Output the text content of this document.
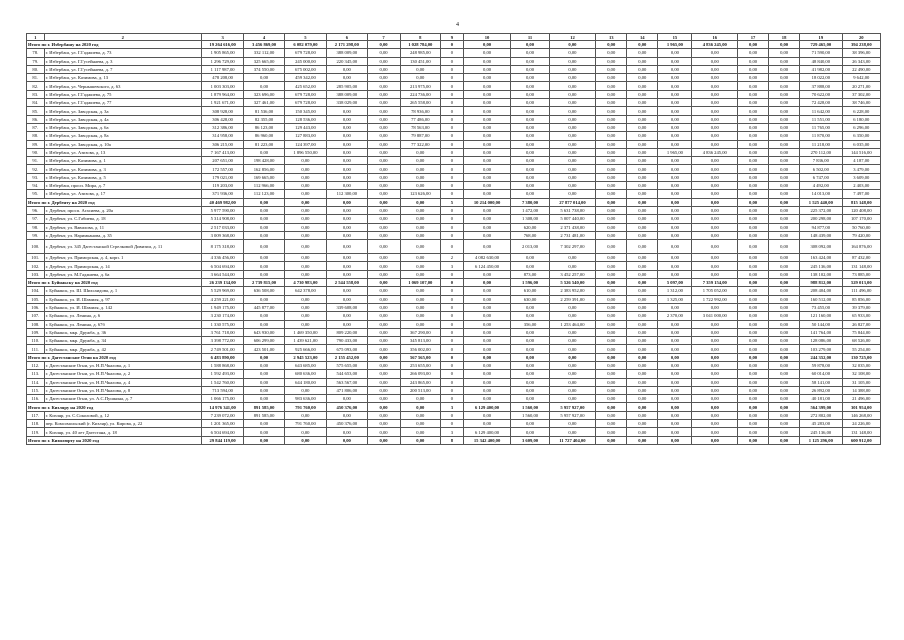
4
1	2	3	4	5	6	7	8	9	10	11	12	13	14	15	16	17	18	19	20
Итого по г. Избербашу на 2020 год		19 264 616,00	3 456 869,00	6 082 079,00	2 171 298,00	0,00	1 028 784,00	0	0,00	0,00	0,00	0,00	0,00	1 965,00	4 836 245,00	0,00	0,00	729 465,00	394 238,00
78.	г. Избербаш, ул. Г.Гаджиева, д. 73	1 905 865,00	332 112,00	679 728,00	388 009,00	0,00	248 985,00	0	0,00	0,00	0,00	0,00	0,00	0,00	0,00	0,00	0,00	71 590,00	38 396,00
79.	г. Избербаш, ул. Г.Гусейнаева, д. 3	1 296 729,00	325 665,00	245 000,00	220 345,00	0,00	130 451,00	0	0,00	0,00	0,00	0,00	0,00	0,00	0,00	0,00	0,00	48 840,00	26 343,00
80.	г. Избербаш, ул. Г.Гусейнаева, д. 7	1 117 987,00	374 550,00	675 002,00	0,00	0,00	0,00	0	0,00	0,00	0,00	0,00	0,00	0,00	0,00	0,00	0,00	41 982,00	22 490,00
81.	г. Избербаш, ул. Казимова, д. 13	478 208,00	0,00	459 342,00	0,00	0,00	0,00	0	0,00	0,00	0,00	0,00	0,00	0,00	0,00	0,00	0,00	18 022,00	9 642,00
82.	г. Избербаш, ул. Чернышевского, д. 63	1 003 303,00	0,00	425 652,00	285 905,00	0,00	213 975,00	0	0,00	0,00	0,00	0,00	0,00	0,00	0,00	0,00	0,00	37 888,00	20 271,00
83.	г. Избербаш, ул. Г.Гаджиева, д. 75	1 879 964,00	323 696,00	679 728,00	388 009,00	0,00	224 736,00	0	0,00	0,00	0,00	0,00	0,00	0,00	0,00	0,00	0,00	70 622,00	37 302,00
84.	г. Избербаш, ул. Г.Гаджиева, д. 77	1 921 671,00	327 461,00	679 728,00	338 029,00	0,00	265 558,00	0	0,00	0,00	0,00	0,00	0,00	0,00	0,00	0,00	0,00	72 428,00	38 746,00
85.	г. Избербаш, ул. Заводская, д. 3а	308 928,00	81 536,00	150 345,00	0,00	0,00	78 936,00	0	0,00	0,00	0,00	0,00	0,00	0,00	0,00	0,00	0,00	11 642,00	6 228,00
86.	г. Избербаш, ул. Заводская, д. 4а	306 428,00	82 355,00	128 536,00	0,00	0,00	77 486,00	0	0,00	0,00	0,00	0,00	0,00	0,00	0,00	0,00	0,00	11 551,00	6 180,00
87.	г. Избербаш, ул. Заводская, д. 6а	312 386,00	86 123,00	129 443,00	0,00	0,00	78 563,00	0	0,00	0,00	0,00	0,00	0,00	0,00	0,00	0,00	0,00	11 765,00	6 296,00
88.	г. Избербаш, ул. Заводская, д. 8а	314 958,00	86 960,00	127 883,00	0,00	0,00	79 887,00	0	0,00	0,00	0,00	0,00	0,00	0,00	0,00	0,00	0,00	11 870,00	6 350,00
89.	г. Избербаш, ул. Заводская, д. 10а	306 215,00	81 223,00	124 397,00	0,00	0,00	77 322,00	0	0,00	0,00	0,00	0,00	0,00	0,00	0,00	0,00	0,00	11 218,00	6 035,00
90.	г. Избербаш, ул. Азизова, д. 13	7 167 413,00	0,00	1 896 550,00	0,00	0,00	0,00	0	0,00	0,00	0,00	0,00	0,00	1 965,00	4 836 245,00	0,00	0,00	270 112,00	144 516,00
91.	г. Избербаш, ул. Казимова, д. 1	207 651,00	198 428,00	0,00	0,00	0,00	0,00	0	0,00	0,00	0,00	0,00	0,00	0,00	0,00	0,00	0,00	7 836,00	4 187,00
92.	г. Избербаш, ул. Казимова, д. 3	172 557,00	162 856,00	0,00	0,00	0,00	0,00	0	0,00	0,00	0,00	0,00	0,00	0,00	0,00	0,00	0,00	6 502,00	3 479,00
93.	г. Избербаш, ул. Казимова, д. 5	179 021,00	169 665,00	0,00	0,00	0,00	0,00	0	0,00	0,00	0,00	0,00	0,00	0,00	0,00	0,00	0,00	6 747,00	3 609,00
94.	г. Избербаш, просп. Мира, д. 7	119 203,00	112 966,00	0,00	0,00	0,00	0,00	0	0,00	0,00	0,00	0,00	0,00	0,00	0,00	0,00	0,00	4 492,00	2 403,00
95.	г. Избербаш, ул. Азизова, д. 17	371 936,00	112 123,00	0,00	112 300,00	0,00	123 626,00	0	0,00	0,00	0,00	0,00	0,00	0,00	0,00	0,00	0,00	14 013,00	7 497,00
Итого по г. Дербенту на 2020 год		40 469 982,00	0,00	0,00	0,00	0,00	0,00	5	10 214 000,00	7 380,00	27 877 014,00	0,00	0,00	0,00	0,00	0,00	0,00	1 525 440,00	815 148,00
96.	г. Дербент, просп. Агасиева, д. 20а	5 977 590,00	0,00	0,00	0,00	0,00	0,00	0	0,00	1 472,00	5 631 738,00	0,00	0,00	0,00	0,00	0,00	0,00	225 372,00	120 408,00
97.	г. Дербент, ул. С.Габиева, д. 18	5 314 908,00	0,00	0,00	0,00	0,00	0,00	0	0,00	1 308,00	5 007 440,00	0,00	0,00	0,00	0,00	0,00	0,00	200 298,00	107 170,00
98.	г. Дербент, ул. Вавилова, д. 11	2 517 033,00	0,00	0,00	0,00	0,00	0,00	0	0,00	620,00	2 371 438,00	0,00	0,00	0,00	0,00	0,00	0,00	94 877,00	50 760,00
99.	г. Дербент, ул. Наримканова, д. 35	3 009 368,00	0,00	0,00	0,00	0,00	0,00	0	0,00	768,00	2 731 481,00	0,00	0,00	0,00	0,00	0,00	0,00	148 439,00	79 420,00
100.	г. Дербент, ул. 345 Дагестанской Стрелковой Дивизии, д. 11	8 175 318,00	0,00	0,00	0,00	0,00	0,00	0	0,00	2 013,00	7 302 297,00	0,00	0,00	0,00	0,00	0,00	0,00	308 092,00	164 876,00
101.	г. Дербент, ул. Приморская, д. 4, корп. 1	4 336 456,00	0,00	0,00	0,00	0,00	0,00	2	4 082 630,00	0,00	0,00	0,00	0,00	0,00	0,00	0,00	0,00	163 424,00	87 432,00
102.	г. Дербент, ул. Приморская, д. 14	6 504 694,00	0,00	0,00	0,00	0,00	0,00	3	6 124 450,00	0,00	0,00	0,00	0,00	0,00	0,00	0,00	0,00	245 136,00	131 148,00
103.	г. Дербент, ул. М.Гаджиева, д. 6а	3 664 544,00	0,00	0,00	0,00	0,00	0,00	0	0,00	873,00	3 452 257,00	0,00	0,00	0,00	0,00	0,00	0,00	138 102,00	73 885,00
Итого по г. Буйнакску на 2020 год		26 239 134,00	2 739 815,00	4 730 983,00	2 544 558,00	0,00	1 069 107,00	0	0,00	1 596,00	5 526 540,00	0,00	0,00	5 097,00	7 359 154,00	0,00	0,00	988 812,00	529 013,00
104.	г. Буйнакск, ул. Ш. Шихсаидова, д. 1	5 529 969,00	636 508,00	642 378,00	0,00	0,00	0,00	0	0,00	610,00	2 383 952,00	0,00	0,00	1 312,00	1 705 052,00	0,00	0,00	208 404,00	111 496,00
105.	г. Буйнакск, ул. И. Шамиля, д. 97	4 259 221,00	0,00	0,00	0,00	0,00	0,00	0	0,00	630,00	2 259 391,00	0,00	0,00	1 325,00	1 722 992,00	0,00	0,00	160 512,00	85 856,00
106.	г. Буйнакск, ул. И. Шамиля, д. 142	1 949 175,00	445 877,00	0,00	339 608,00	0,00	0,00	0	0,00	0,00	0,00	0,00	0,00	0,00	0,00	0,00	0,00	73 455,00	39 379,00
107.	г. Буйнакск, ул. Ленина, д. 6	3 230 174,00	0,00	0,00	0,00	0,00	0,00	0	0,00	0,00	0,00	0,00	0,00	2 370,00	3 041 000,00	0,00	0,00	121 160,00	65 933,00
108.	г. Буйнакск, ул. Ленина, д. 67б	1 330 575,00	0,00	0,00	0,00	0,00	0,00	0	0,00	356,00	1 253 464,00	0,00	0,00	0,00	0,00	0,00	0,00	50 144,00	26 827,00
109.	г. Буйнакск, мкр. Дружба, д. 36	3 761 718,00	643 930,00	1 469 350,00	809 220,00	0,00	367 290,00	0	0,00	0,00	0,00	0,00	0,00	0,00	0,00	0,00	0,00	141 764,00	75 844,00
110.	г. Буйнакск, мкр. Дружба, д. 34	3 398 772,00	606 299,00	1 439 621,00	790 433,00	0,00	345 813,00	0	0,00	0,00	0,00	0,00	0,00	0,00	0,00	0,00	0,00	128 086,00	68 526,00
111.	г. Буйнакск, мкр. Дружба, д. 42	2 749 501,00	423 501,00	925 666,00	675 093,00	0,00	356 002,00	0	0,00	0,00	0,00	0,00	0,00	0,00	0,00	0,00	0,00	103 279,00	55 254,00
Итого по г. Дагестанские Огни на 2020 год		6 483 890,00	0,00	2 945 523,00	2 155 452,00	0,00	567 565,00	0	0,00	0,00	0,00	0,00	0,00	0,00	0,00	0,00	0,00	244 352,00	130 725,00
112.	г. Дагестанские Огни, ул. Н.П.Чкалова, д. 1	1 588 868,00	0,00	643 685,00	575 655,00	0,00	253 655,00	0	0,00	0,00	0,00	0,00	0,00	0,00	0,00	0,00	0,00	59 878,00	32 035,00
113.	г. Дагестанские Огни, ул. Н.П.Чкалова, д. 2	1 592 493,00	0,00	680 636,00	544 653,00	0,00	266 093,00	0	0,00	0,00	0,00	0,00	0,00	0,00	0,00	0,00	0,00	60 014,00	32 108,00
114.	г. Дагестанские Огни, ул. Н.П.Чкалова, д. 4	1 542 760,00	0,00	644 180,00	563 567,00	0,00	243 865,00	0	0,00	0,00	0,00	0,00	0,00	0,00	0,00	0,00	0,00	58 141,00	31 105,00
115.	г. Дагестанские Огни, ул. Н.П.Чкалова, д. 8	713 594,00	0,00	0,00	471 806,00	0,00	200 513,00	0	0,00	0,00	0,00	0,00	0,00	0,00	0,00	0,00	0,00	26 892,00	14 388,00
116.	г. Дагестанские Огни, ул. А.С.Пушкина, д. 7	1 066 175,00	0,00	983 636,00	0,00	0,00	0,00	0	0,00	0,00	0,00	0,00	0,00	0,00	0,00	0,00	0,00	40 181,00	21 496,00
Итого по г. Кизляру на 2020 год		14 976 341,00	891 585,00	791 760,00	450 376,00	0,00	0,00	3	6 129 400,00	1 560,00	5 957 927,00	0,00	0,00	0,00	0,00	0,00	0,00	564 399,00	301 954,00
117.	г. Кизляр, ул. С.Соколовой, д. 12	7 239 072,00	891 585,00	0,00	0,00	0,00	0,00	0	0,00	1 560,00	5 957 927,00	0,00	0,00	0,00	0,00	0,00	0,00	272 802,00	146 268,00
118.	пер. Комсомольский (г. Кизляр), ул. Кирова, д. 22	1 201 365,00	0,00	791 760,00	450 376,00	0,00	0,00	0	0,00	0,00	0,00	0,00	0,00	0,00	0,00	0,00	0,00	45 283,00	24 226,00
119.	г. Кизляр, ул. 40 лет Дагестана, д. 18	6 504 694,00	0,00	0,00	0,00	0,00	0,00	3	6 129 400,00	0,00	0,00	0,00	0,00	0,00	0,00	0,00	0,00	245 136,00	131 148,00
Итого по г. Кизилюрту на 2020 год		29 844 119,00	0,00	0,00	0,00	0,00	0,00	8	15 342 400,00	3 609,00	11 727 404,00	0,00	0,00	0,00	0,00	0,00	0,00	1 125 296,00	600 912,00
